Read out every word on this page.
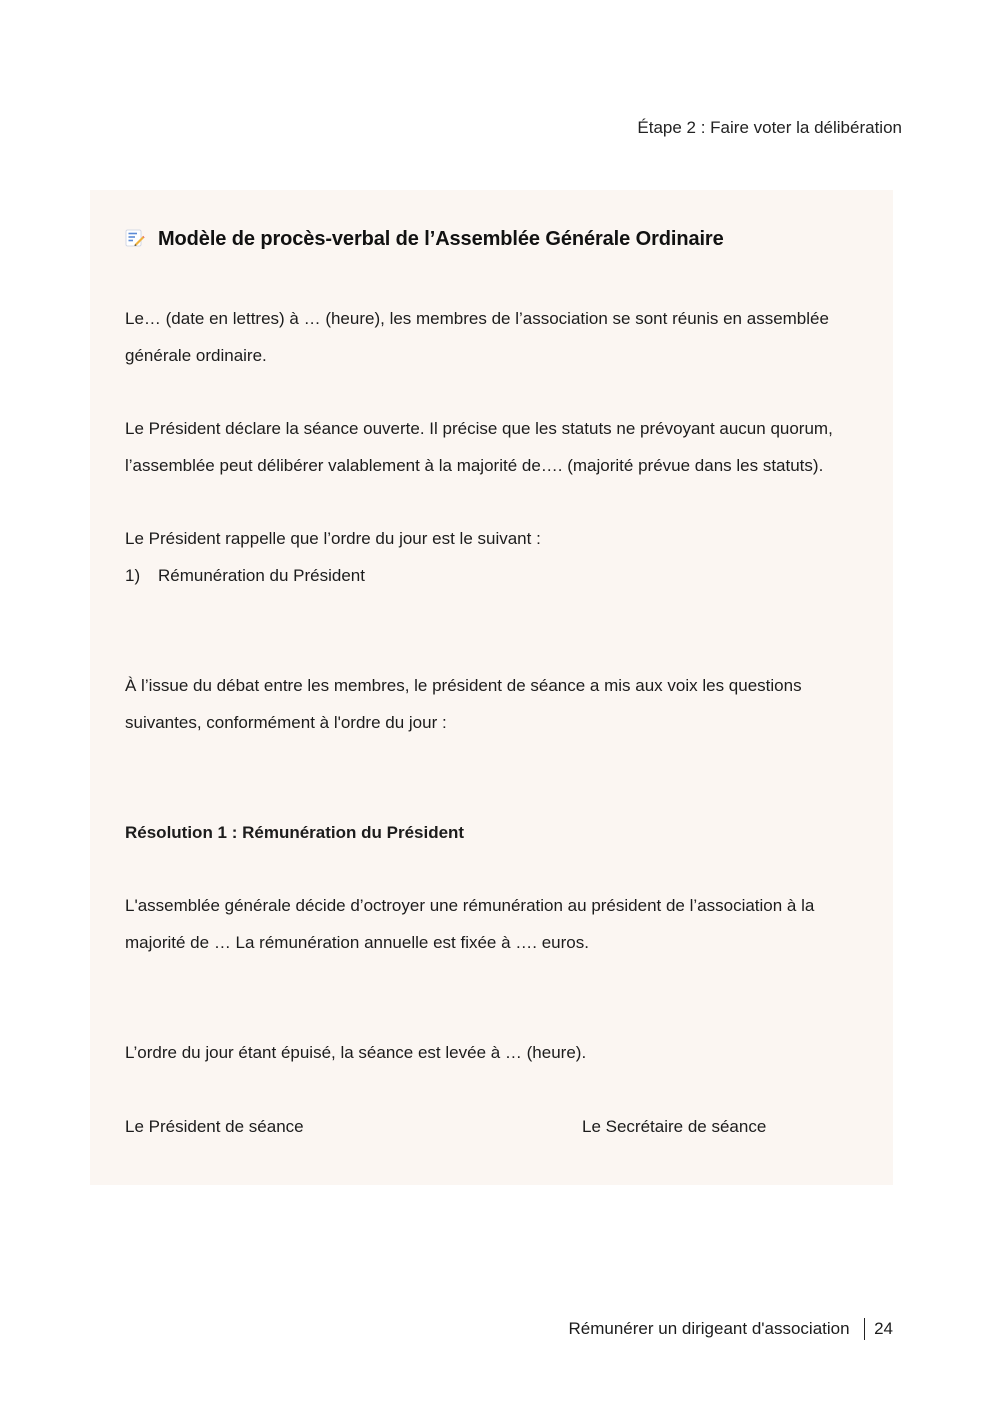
Étape 2 : Faire voter la délibération
Modèle de procès-verbal de l’Assemblée Générale Ordinaire
Le… (date en lettres) à … (heure), les membres de l’association se sont réunis en assemblée générale ordinaire.
Le Président déclare la séance ouverte. Il précise que les statuts ne prévoyant aucun quorum, l’assemblée peut délibérer valablement à la majorité de…. (majorité prévue dans les statuts).
Le Président rappelle que l’ordre du jour est le suivant :
1)	Rémunération du Président
À l’issue du débat entre les membres, le président de séance a mis aux voix les questions suivantes, conformément à l'ordre du jour :
Résolution 1 : Rémunération du Président
L'assemblée générale décide d’octroyer une rémunération au président de l’association à la majorité de … La rémunération annuelle est fixée à …. euros.
L’ordre du jour étant épuisé, la séance est levée à … (heure).
Le Président de séance	Le Secrétaire de séance
Rémunérer un dirigeant d'association 24
